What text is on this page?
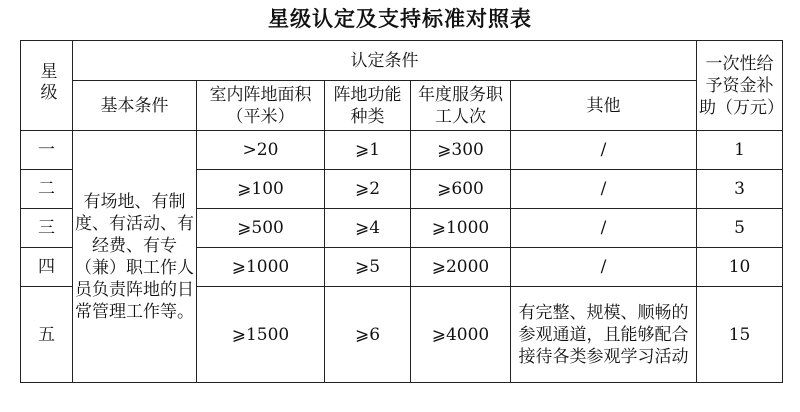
星级认定及支持标准对照表
星级	认定条件					一次性给予资金补助（万元）
	基本条件	室内阵地面积（平米）	阵地功能种类	年度服务职工人次	其他	
一	有场地、有制度、有活动、有经费、有专（兼）职工作人员负责阵地的日常管理工作等。	>20	⩾1	⩾300	/	1
二		⩾100	⩾2	⩾600	/	3
三		⩾500	⩾4	⩾1000	/	5
四		⩾1000	⩾5	⩾2000	/	10
五		⩾1500	⩾6	⩾4000	有完整、规模、顺畅的参观通道，且能够配合接待各类参观学习活动	15
